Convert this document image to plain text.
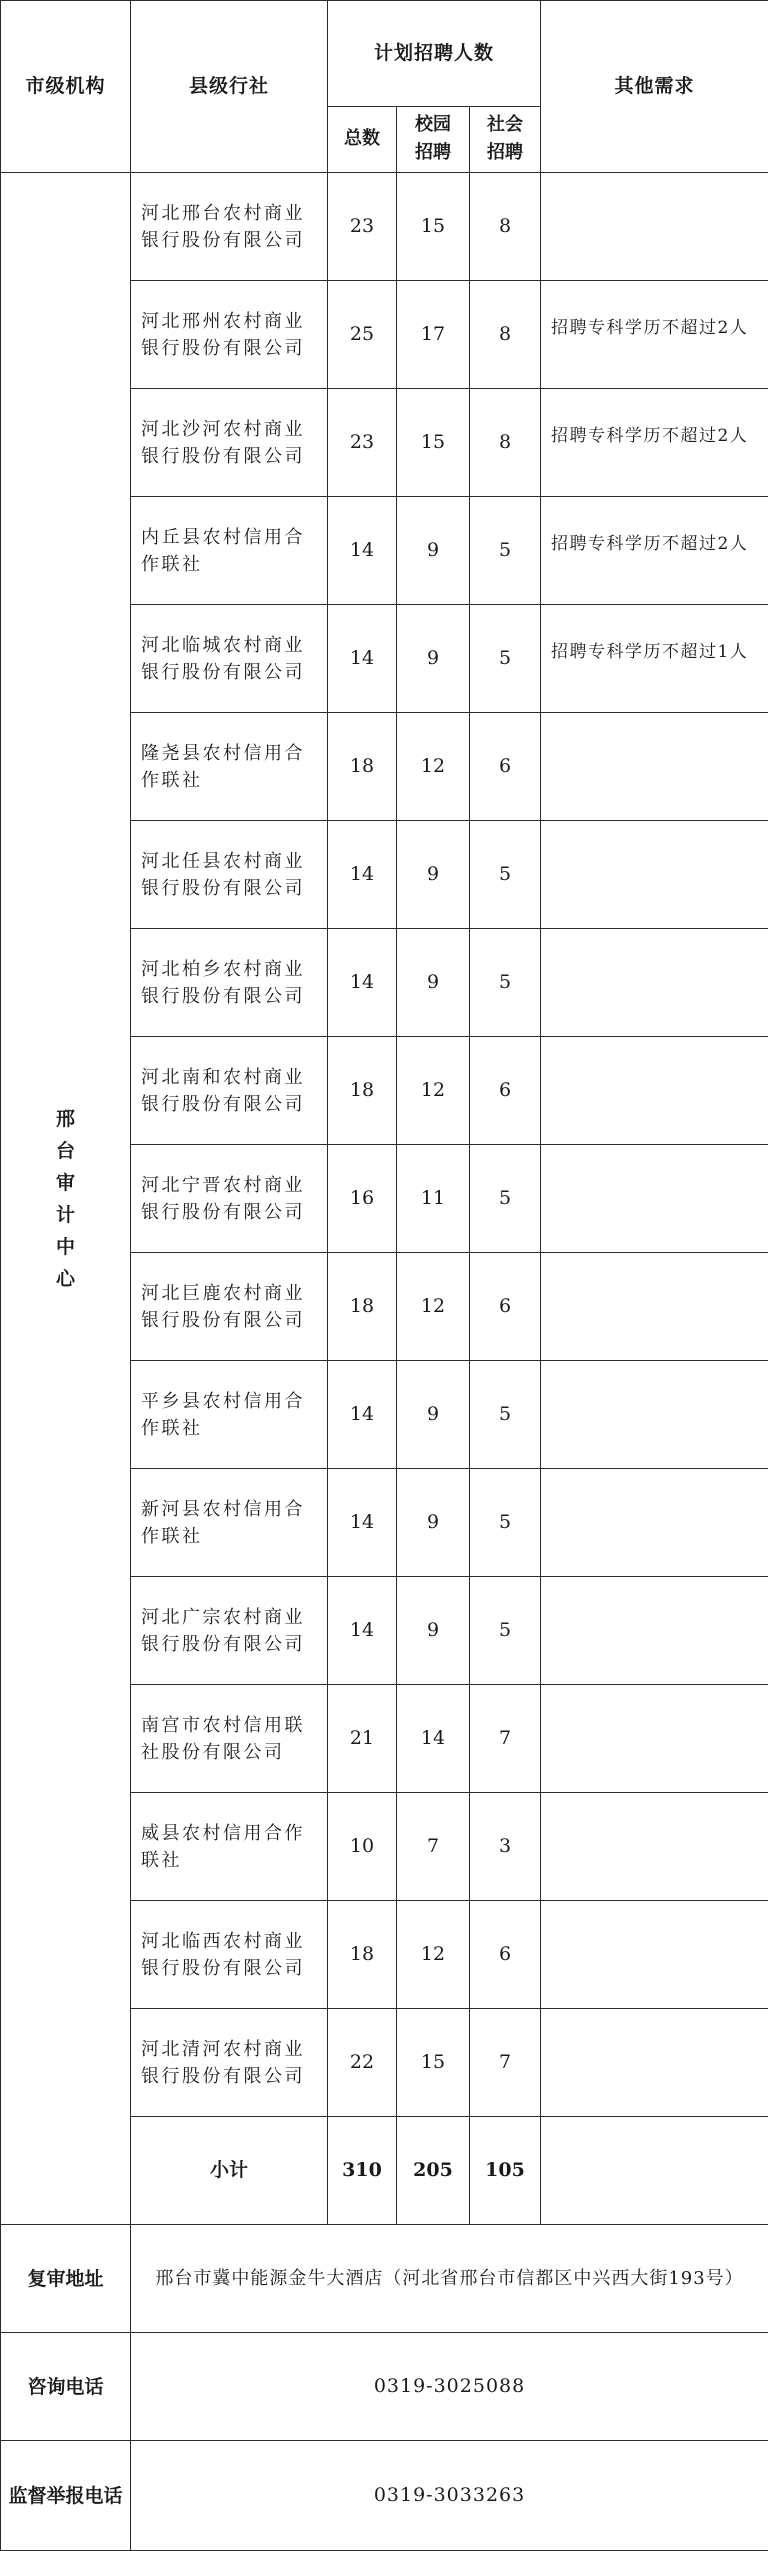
市级机构	县级行社	计划招聘人数			其他需求
		总数	校园招聘	社会招聘	
邢台审计中心	河北邢台农村商业银行股份有限公司	23	15	8	
	河北邢州农村商业银行股份有限公司	25	17	8	招聘专科学历不超过2人
	河北沙河农村商业银行股份有限公司	23	15	8	招聘专科学历不超过2人
	内丘县农村信用合作联社	14	9	5	招聘专科学历不超过2人
	河北临城农村商业银行股份有限公司	14	9	5	招聘专科学历不超过1人
	隆尧县农村信用合作联社	18	12	6	
	河北任县农村商业银行股份有限公司	14	9	5	
	河北柏乡农村商业银行股份有限公司	14	9	5	
	河北南和农村商业银行股份有限公司	18	12	6	
	河北宁晋农村商业银行股份有限公司	16	11	5	
	河北巨鹿农村商业银行股份有限公司	18	12	6	
	平乡县农村信用合作联社	14	9	5	
	新河县农村信用合作联社	14	9	5	
	河北广宗农村商业银行股份有限公司	14	9	5	
	南宫市农村信用联社股份有限公司	21	14	7	
	威县农村信用合作联社	10	7	3	
	河北临西农村商业银行股份有限公司	18	12	6	
	河北清河农村商业银行股份有限公司	22	15	7	
	小计	310	205	105	
复审地址	邢台市冀中能源金牛大酒店（河北省邢台市信都区中兴西大街193号）				
咨询电话	0319-3025088				
监督举报电话	0319-3033263				
